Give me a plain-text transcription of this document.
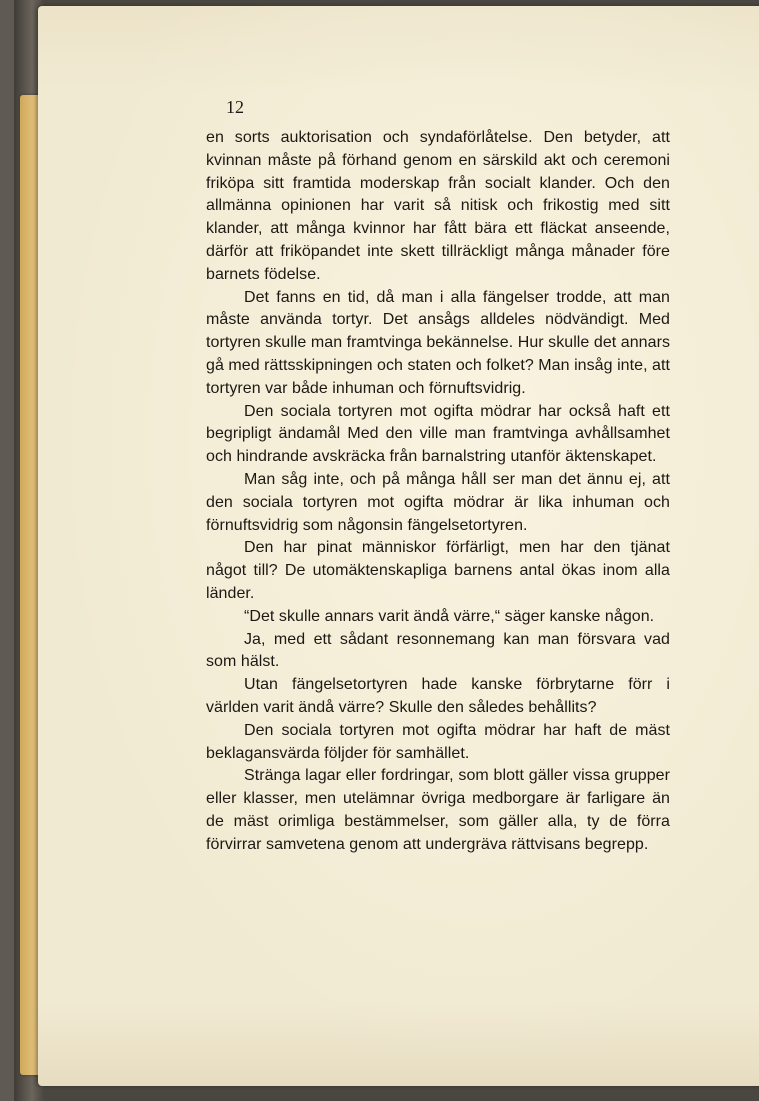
12

en sorts auktorisation och syndaförlåtelse. Den betyder, att kvinnan måste på förhand genom en särskild akt och ceremoni friköpa sitt framtida moderskap från socialt klander. Och den allmänna opinionen har varit så nitisk och frikostig med sitt klander, att många kvinnor har fått bära ett fläckat anseende, därför att friköpandet inte skett tillräckligt många månader före barnets födelse.

Det fanns en tid, då man i alla fängelser trodde, att man måste använda tortyr. Det ansågs alldeles nödvändigt. Med tortyren skulle man framtvinga bekännelse. Hur skulle det annars gå med rättsskipningen och staten och folket? Man insåg inte, att tortyren var både inhuman och förnuftsvidrig.

Den sociala tortyren mot ogifta mödrar har också haft ett begripligt ändamål Med den ville man framtvinga avhållsamhet och hindrande avskräcka från barnalstring utanför äktenskapet.

Man såg inte, och på många håll ser man det ännu ej, att den sociala tortyren mot ogifta mödrar är lika inhuman och förnuftsvidrig som någonsin fängelsetortyren.

Den har pinat människor förfärligt, men har den tjänat något till? De utomäktenskapliga barnens antal ökas inom alla länder.

“Det skulle annars varit ändå värre,“ säger kanske någon.

Ja, med ett sådant resonnemang kan man försvara vad som hälst.

Utan fängelsetortyren hade kanske förbrytarne förr i världen varit ändå värre? Skulle den således behållits?

Den sociala tortyren mot ogifta mödrar har haft de mäst beklagansvärda följder för samhället.

Stränga lagar eller fordringar, som blott gäller vissa grupper eller klasser, men utelämnar övriga medborgare är farligare än de mäst orimliga bestämmelser, som gäller alla, ty de förra förvirrar samvetena genom att undergräva rättvisans begrepp.
